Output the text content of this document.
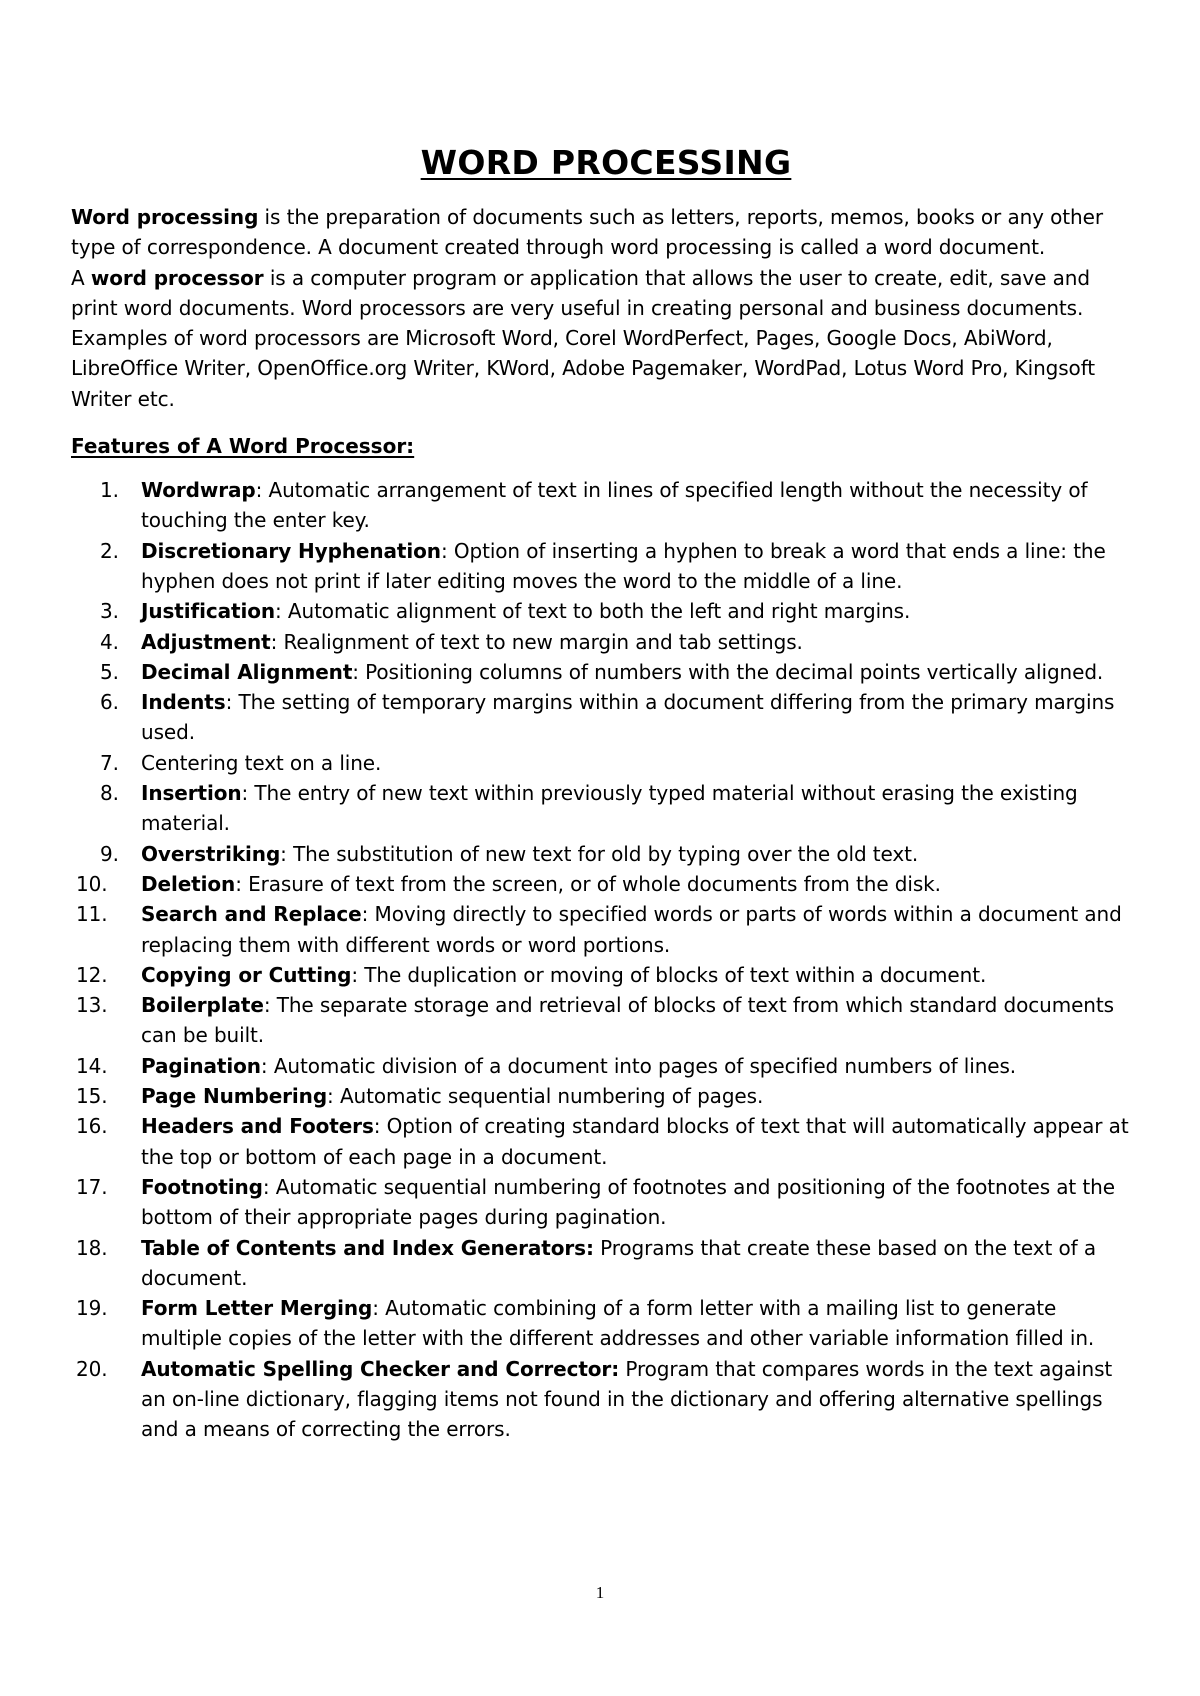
WORD PROCESSING

Word processing is the preparation of documents such as letters, reports, memos, books or any other type of correspondence. A document created through word processing is called a word document.

A word processor is a computer program or application that allows the user to create, edit, save and print word documents. Word processors are very useful in creating personal and business documents. Examples of word processors are Microsoft Word, Corel WordPerfect, Pages, Google Docs, AbiWord, LibreOffice Writer, OpenOffice.org Writer, KWord, Adobe Pagemaker, WordPad, Lotus Word Pro, Kingsoft Writer etc.

Features of A Word Processor:
1.	Wordwrap: Automatic arrangement of text in lines of specified length without the necessity of touching the enter key.
2.	Discretionary Hyphenation: Option of inserting a hyphen to break a word that ends a line: the hyphen does not print if later editing moves the word to the middle of a line.
3.	Justification: Automatic alignment of text to both the left and right margins.
4.	Adjustment: Realignment of text to new margin and tab settings.
5.	Decimal Alignment: Positioning columns of numbers with the decimal points vertically aligned.
6.	Indents: The setting of temporary margins within a document differing from the primary margins used.
7.	Centering text on a line.
8.	Insertion: The entry of new text within previously typed material without erasing the existing material.
9.	Overstriking: The substitution of new text for old by typing over the old text.
10.	Deletion: Erasure of text from the screen, or of whole documents from the disk.
11.	Search and Replace: Moving directly to specified words or parts of words within a document and replacing them with different words or word portions.
12.	Copying or Cutting: The duplication or moving of blocks of text within a document.
13.	Boilerplate: The separate storage and retrieval of blocks of text from which standard documents can be built.
14.	Pagination: Automatic division of a document into pages of specified numbers of lines.
15.	Page Numbering: Automatic sequential numbering of pages.
16.	Headers and Footers: Option of creating standard blocks of text that will automatically appear at the top or bottom of each page in a document.
17.	Footnoting: Automatic sequential numbering of footnotes and positioning of the footnotes at the bottom of their appropriate pages during pagination.
18.	Table of Contents and Index Generators: Programs that create these based on the text of a document.
19.	Form Letter Merging: Automatic combining of a form letter with a mailing list to generate multiple copies of the letter with the different addresses and other variable information filled in.
20.	Automatic Spelling Checker and Corrector: Program that compares words in the text against an on-line dictionary, flagging items not found in the dictionary and offering alternative spellings and a means of correcting the errors.
1
